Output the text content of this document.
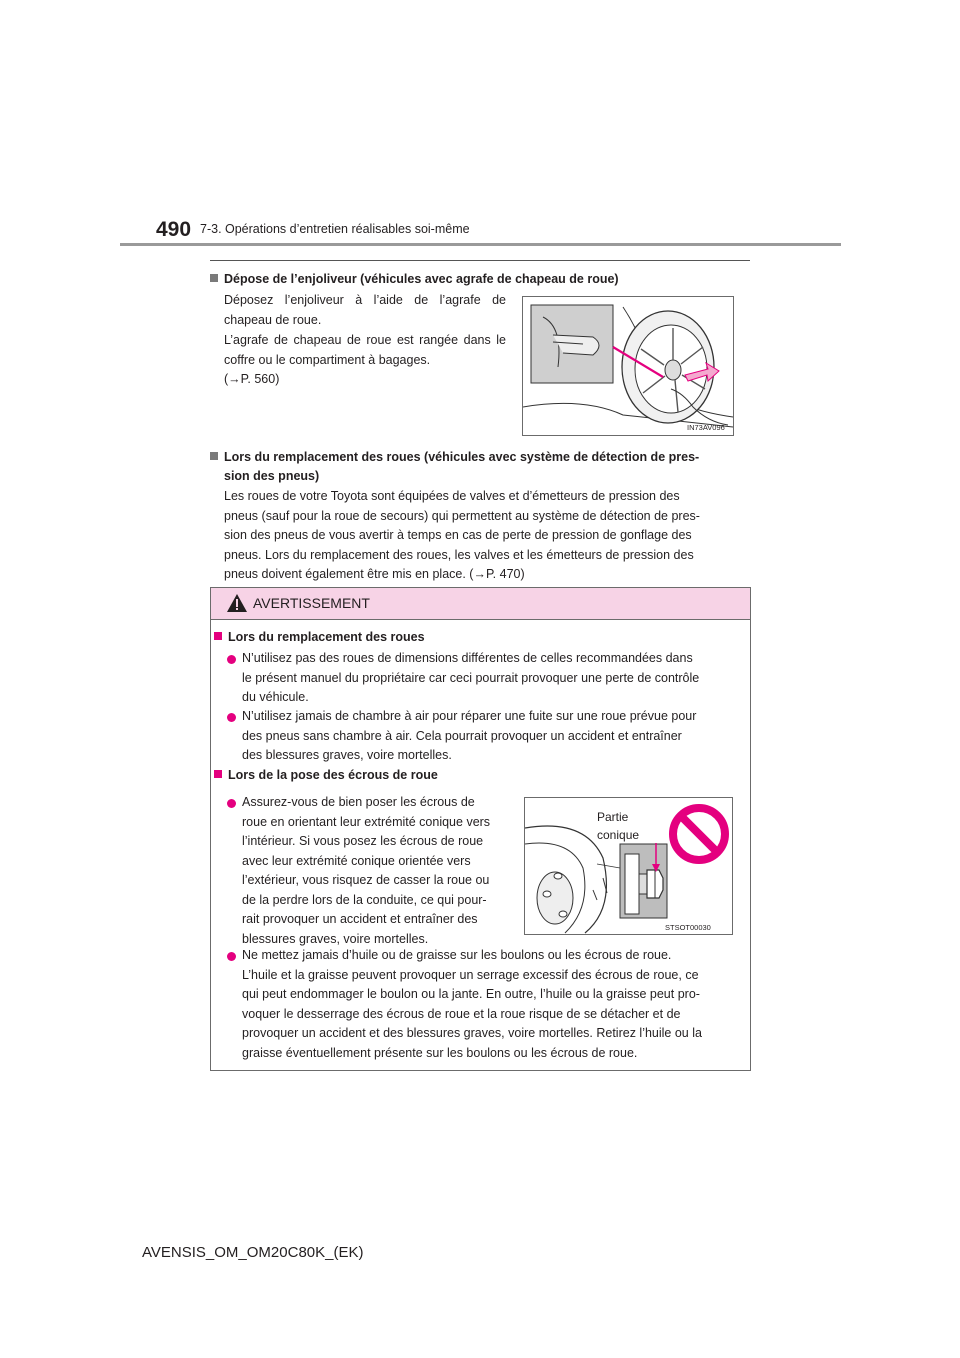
490 7-3. Opérations d’entretien réalisables soi-même
Dépose de l’enjoliveur (véhicules avec agrafe de chapeau de roue)
Déposez l’enjoliveur à l’aide de l’agrafe de chapeau de roue.
L’agrafe de chapeau de roue est rangée dans le coffre ou le compartiment à bagages.
(→P. 560)
IN73AV096
Lors du remplacement des roues (véhicules avec système de détection de pres-
sion des pneus)
Les roues de votre Toyota sont équipées de valves et d’émetteurs de pression des
pneus (sauf pour la roue de secours) qui permettent au système de détection de pres-
sion des pneus de vous avertir à temps en cas de perte de pression de gonflage des
pneus. Lors du remplacement des roues, les valves et les émetteurs de pression des
pneus doivent également être mis en place. (→P. 470)
AVERTISSEMENT
Lors du remplacement des roues
N’utilisez pas des roues de dimensions différentes de celles recommandées dans
le présent manuel du propriétaire car ceci pourrait provoquer une perte de contrôle
du véhicule.
N’utilisez jamais de chambre à air pour réparer une fuite sur une roue prévue pour
des pneus sans chambre à air. Cela pourrait provoquer un accident et entraîner
des blessures graves, voire mortelles.
Lors de la pose des écrous de roue
Assurez-vous de bien poser les écrous de
roue en orientant leur extrémité conique vers
l’intérieur. Si vous posez les écrous de roue
avec leur extrémité conique orientée vers
l’extérieur, vous risquez de casser la roue ou
de la perdre lors de la conduite, ce qui pour-
rait provoquer un accident et entraîner des
blessures graves, voire mortelles.
Partie
conique
STSOT00030
Ne mettez jamais d’huile ou de graisse sur les boulons ou les écrous de roue.
L’huile et la graisse peuvent provoquer un serrage excessif des écrous de roue, ce
qui peut endommager le boulon ou la jante. En outre, l’huile ou la graisse peut pro-
voquer le desserrage des écrous de roue et la roue risque de se détacher et de
provoquer un accident et des blessures graves, voire mortelles. Retirez l’huile ou la
graisse éventuellement présente sur les boulons ou les écrous de roue.
AVENSIS_OM_OM20C80K_(EK)
